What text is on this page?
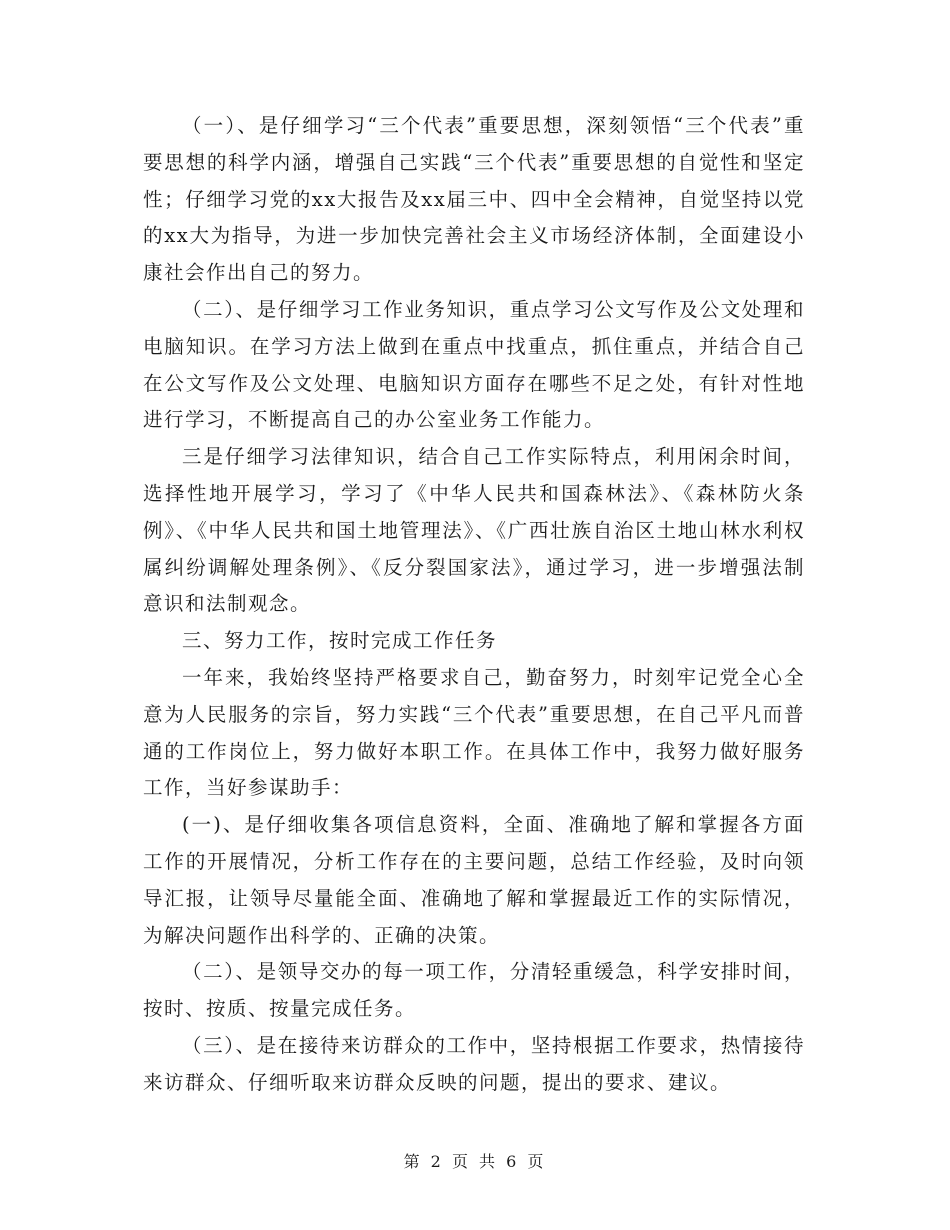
（一）、是仔细学习“三个代表”重要思想，深刻领悟“三个代表”重要思想的科学内涵，增强自己实践“三个代表”重要思想的自觉性和坚定性；仔细学习党的xx大报告及xx届三中、四中全会精神，自觉坚持以党的xx大为指导，为进一步加快完善社会主义市场经济体制，全面建设小康社会作出自己的努力。

（二）、是仔细学习工作业务知识，重点学习公文写作及公文处理和电脑知识。在学习方法上做到在重点中找重点，抓住重点，并结合自己在公文写作及公文处理、电脑知识方面存在哪些不足之处，有针对性地进行学习，不断提高自己的办公室业务工作能力。

三是仔细学习法律知识，结合自己工作实际特点，利用闲余时间，选择性地开展学习，学习了《中华人民共和国森林法》、《森林防火条例》、《中华人民共和国土地管理法》、《广西壮族自治区土地山林水利权属纠纷调解处理条例》、《反分裂国家法》，通过学习，进一步增强法制意识和法制观念。

三、努力工作，按时完成工作任务

一年来，我始终坚持严格要求自己，勤奋努力，时刻牢记党全心全意为人民服务的宗旨，努力实践“三个代表”重要思想，在自己平凡而普通的工作岗位上，努力做好本职工作。在具体工作中，我努力做好服务工作，当好参谋助手：

(一)、是仔细收集各项信息资料，全面、准确地了解和掌握各方面工作的开展情况，分析工作存在的主要问题，总结工作经验，及时向领导汇报，让领导尽量能全面、准确地了解和掌握最近工作的实际情况，为解决问题作出科学的、正确的决策。

（二）、是领导交办的每一项工作，分清轻重缓急，科学安排时间，按时、按质、按量完成任务。

（三）、是在接待来访群众的工作中，坚持根据工作要求，热情接待来访群众、仔细听取来访群众反映的问题，提出的要求、建议。

第 2 页 共 6 页
